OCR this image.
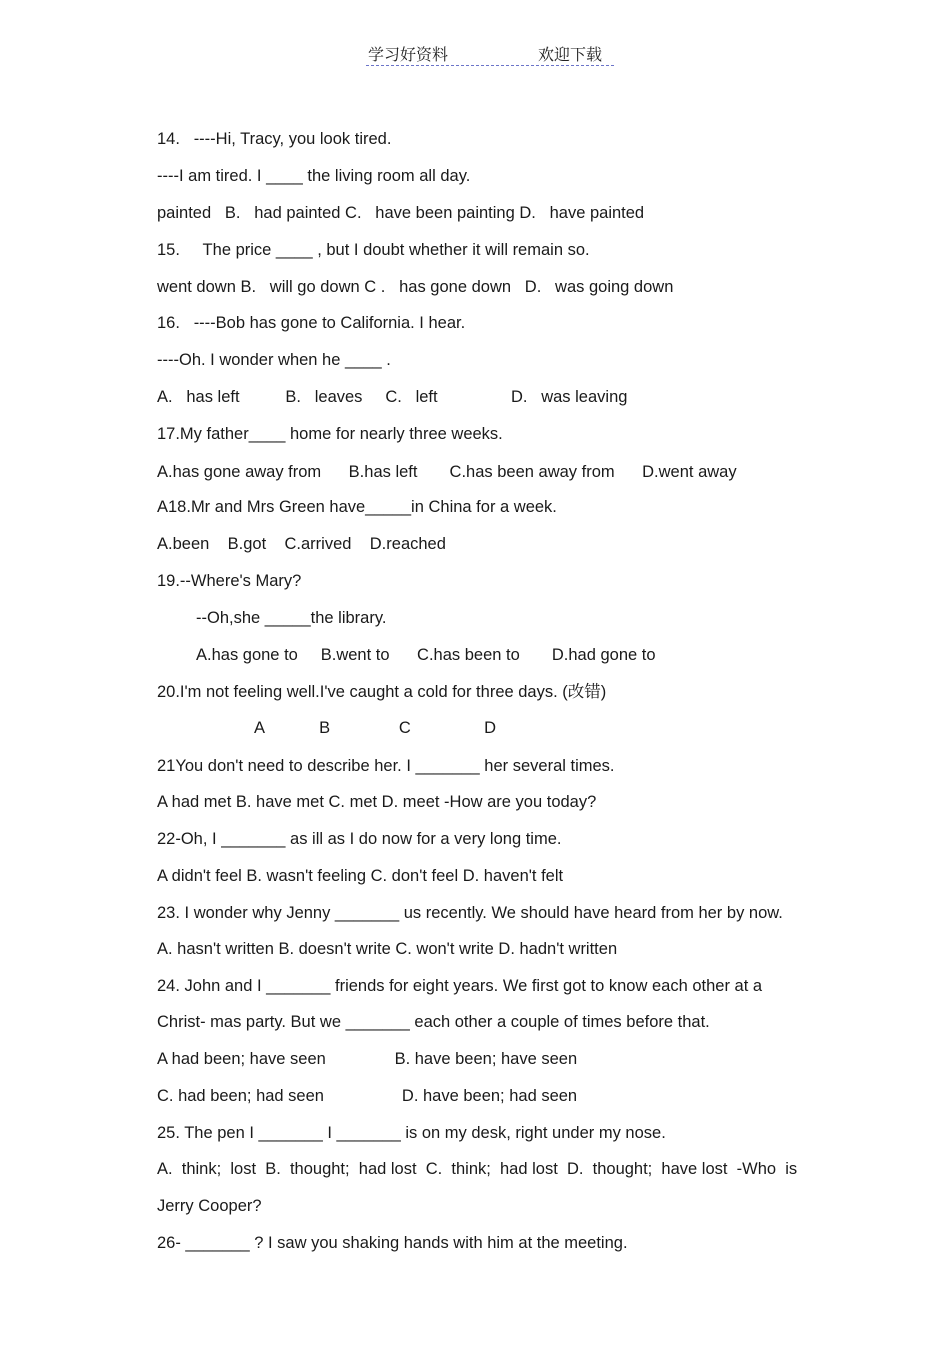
学习好资料	欢迎下载
14.   ----Hi, Tracy, you look tired.
----I am tired. I ____ the living room all day.
painted   B.   had painted C.   have been painting D.   have painted
15.     The price ____ , but I doubt whether it will remain so.
went down B.   will go down C .   has gone down   D.   was going down
16.   ----Bob has gone to California. I hear.
----Oh. I wonder when he ____ .
A.   has left          B.   leaves     C.   left                D.   was leaving
17.My father____ home for nearly three weeks.
A.has gone away from      B.has left       C.has been away from      D.went away
A18.Mr and Mrs Green have_____in China for a week.
A.been    B.got    C.arrived    D.reached
19.--Where's Mary?
--Oh,she _____the library.
A.has gone to     B.went to      C.has been to       D.had gone to
20.I'm not feeling well.I've caught a cold for three days. (改错)
A            B               C                D
21You don't need to describe her. I _______ her several times.
A had met B. have met C. met D. meet -How are you today?
22-Oh, I _______ as ill as I do now for a very long time.
A didn't feel B. wasn't feeling C. don't feel D. haven't felt
23. I wonder why Jenny _______ us recently. We should have heard from her by now.
A. hasn't written B. doesn't write C. won't write D. hadn't written
24. John and I _______ friends for eight years. We first got to know each other at a
Christ- mas party. But we _______ each other a couple of times before that.
A had been; have seen               B. have been; have seen
C. had been; had seen                 D. have been; had seen
25. The pen I _______ I _______ is on my desk, right under my nose.
A.  think;  lost  B.  thought;  had lost  C.  think;  had lost  D.  thought;  have lost  -Who  is
Jerry Cooper?
26- _______ ? I saw you shaking hands with him at the meeting.
